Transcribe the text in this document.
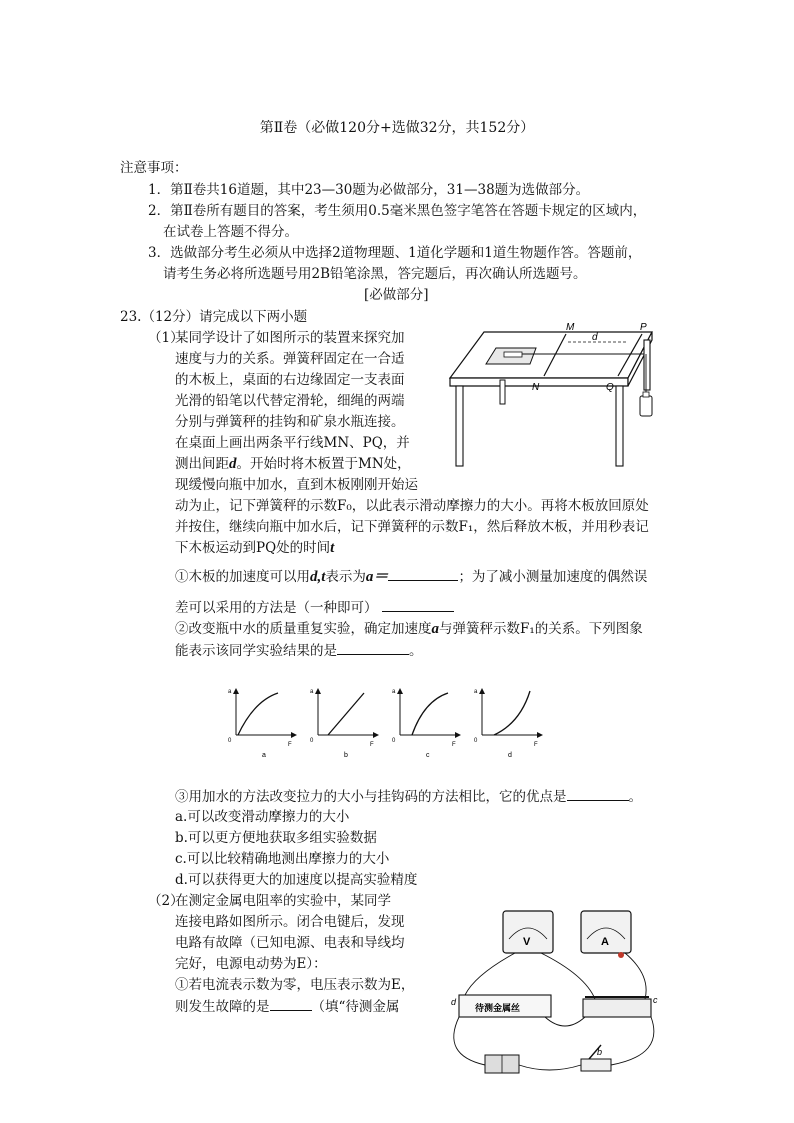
第Ⅱ卷（必做120分+选做32分，共152分）
注意事项：
1．第Ⅱ卷共16道题，其中23—30题为必做部分，31—38题为选做部分。
2．第Ⅱ卷所有题目的答案，考生须用0.5毫米黑色签字笔答在答题卡规定的区域内，
在试卷上答题不得分。
3．选做部分考生必须从中选择2道物理题、1道化学题和1道生物题作答。答题前，
请考生务必将所选题号用2B铅笔涂黑，答完题后，再次确认所选题号。
[必做部分]
23.（12分）请完成以下两小题
（1）
某同学设计了如图所示的装置来探究加
速度与力的关系。弹簧秤固定在一合适
的木板上，桌面的右边缘固定一支表面
光滑的铅笔以代替定滑轮，细绳的两端
分别与弹簧秤的挂钩和矿泉水瓶连接。
在桌面上画出两条平行线MN、PQ，并
测出间距d。开始时将木板置于MN处，
现缓慢向瓶中加水，直到木板刚刚开始运
动为止，记下弹簧秤的示数F₀，以此表示滑动摩擦力的大小。再将木板放回原处
并按住，继续向瓶中加水后，记下弹簧秤的示数F₁，然后释放木板，并用秒表记
下木板运动到PQ处的时间t
①木板的加速度可以用d,t表示为a＝	；为了减小测量加速度的偶然误
差可以采用的方法是（一种即可）
②改变瓶中水的质量重复实验，确定加速度a与弹簧秤示数F₁的关系。下列图象
能表示该同学实验结果的是	。
a
0
F
a
a
0
F
b
a
0
F
c
a
0
F
d
③用加水的方法改变拉力的大小与挂钩码的方法相比，它的优点是	。
a.可以改变滑动摩擦力的大小
b.可以更方便地获取多组实验数据
c.可以比较精确地测出摩擦力的大小
d.可以获得更大的加速度以提高实验精度
（2）
在测定金属电阻率的实验中，某同学
连接电路如图所示。闭合电键后，发现
电路有故障（已知电源、电表和导线均
完好，电源电动势为E）：
①若电流表示数为零，电压表示数为E，
则发生故障的是	（填“待测金属
d
M	P
N	Q
V	A
待测金属丝
d	c
b
